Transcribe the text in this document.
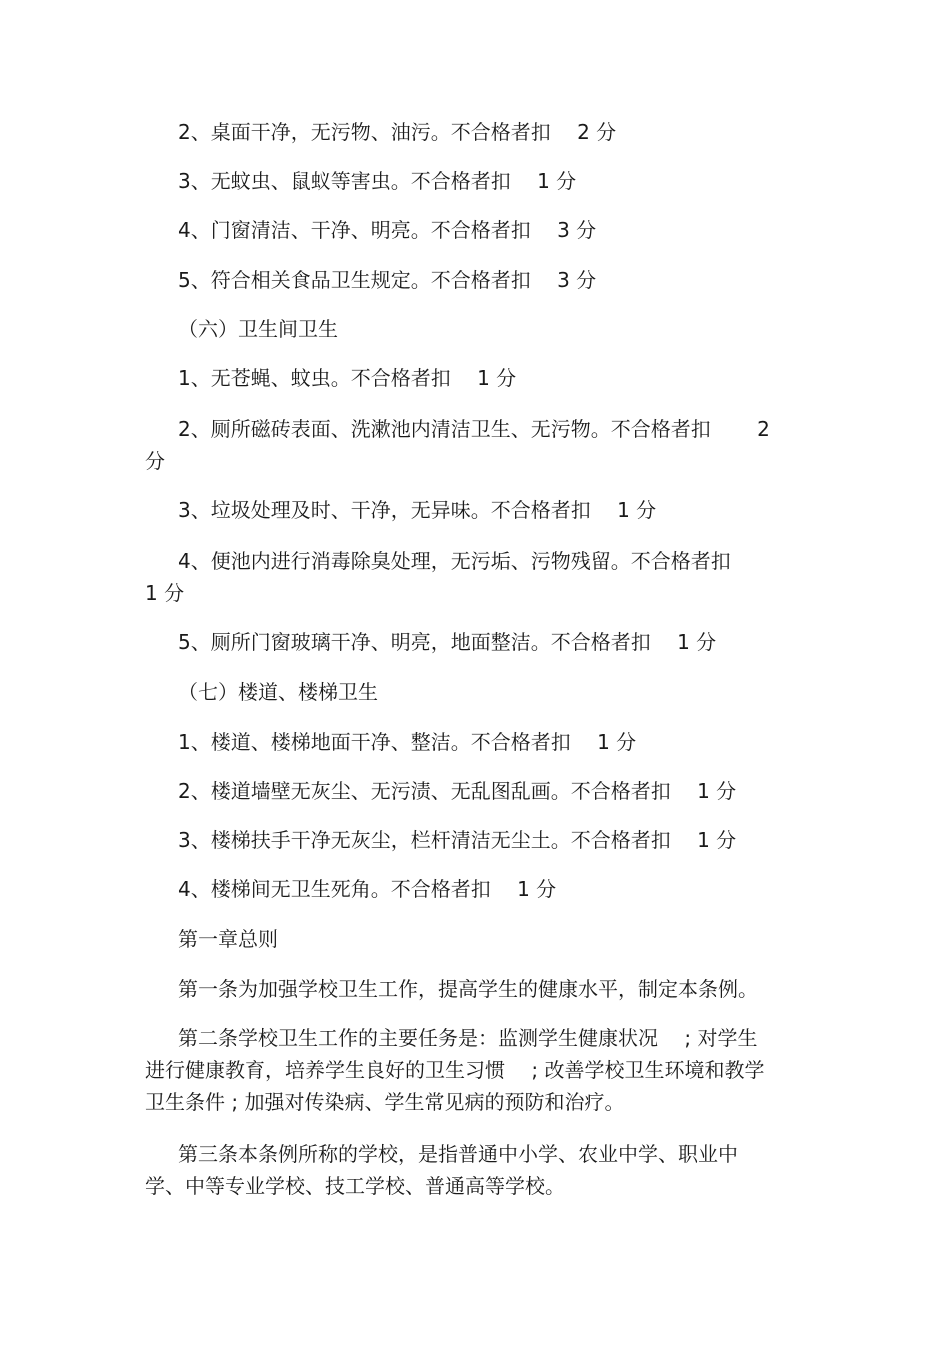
2、桌面干净，无污物、油污。不合格者扣　 2 分
3、无蚊虫、鼠蚁等害虫。不合格者扣　 1 分
4、门窗清洁、干净、明亮。不合格者扣　 3 分
5、符合相关食品卫生规定。不合格者扣　 3 分
（六）卫生间卫生
1、无苍蝇、蚊虫。不合格者扣　 1 分
2、厕所磁砖表面、洗漱池内清洁卫生、无污物。不合格者扣　　 2
分
3、垃圾处理及时、干净，无异味。不合格者扣　 1 分
4、便池内进行消毒除臭处理，无污垢、污物残留。不合格者扣
1 分
5、厕所门窗玻璃干净、明亮，地面整洁。不合格者扣　 1 分
（七）楼道、楼梯卫生
1、楼道、楼梯地面干净、整洁。不合格者扣　 1 分
2、楼道墙壁无灰尘、无污渍、无乱图乱画。不合格者扣　 1 分
3、楼梯扶手干净无灰尘，栏杆清洁无尘土。不合格者扣　 1 分
4、楼梯间无卫生死角。不合格者扣　 1 分
第一章总则
第一条为加强学校卫生工作，提高学生的健康水平，制定本条例。
第二条学校卫生工作的主要任务是：监测学生健康状况　 ; 对学生
进行健康教育，培养学生良好的卫生习惯　 ; 改善学校卫生环境和教学
卫生条件 ; 加强对传染病、学生常见病的预防和治疗。
第三条本条例所称的学校，是指普通中小学、农业中学、职业中
学、中等专业学校、技工学校、普通高等学校。
